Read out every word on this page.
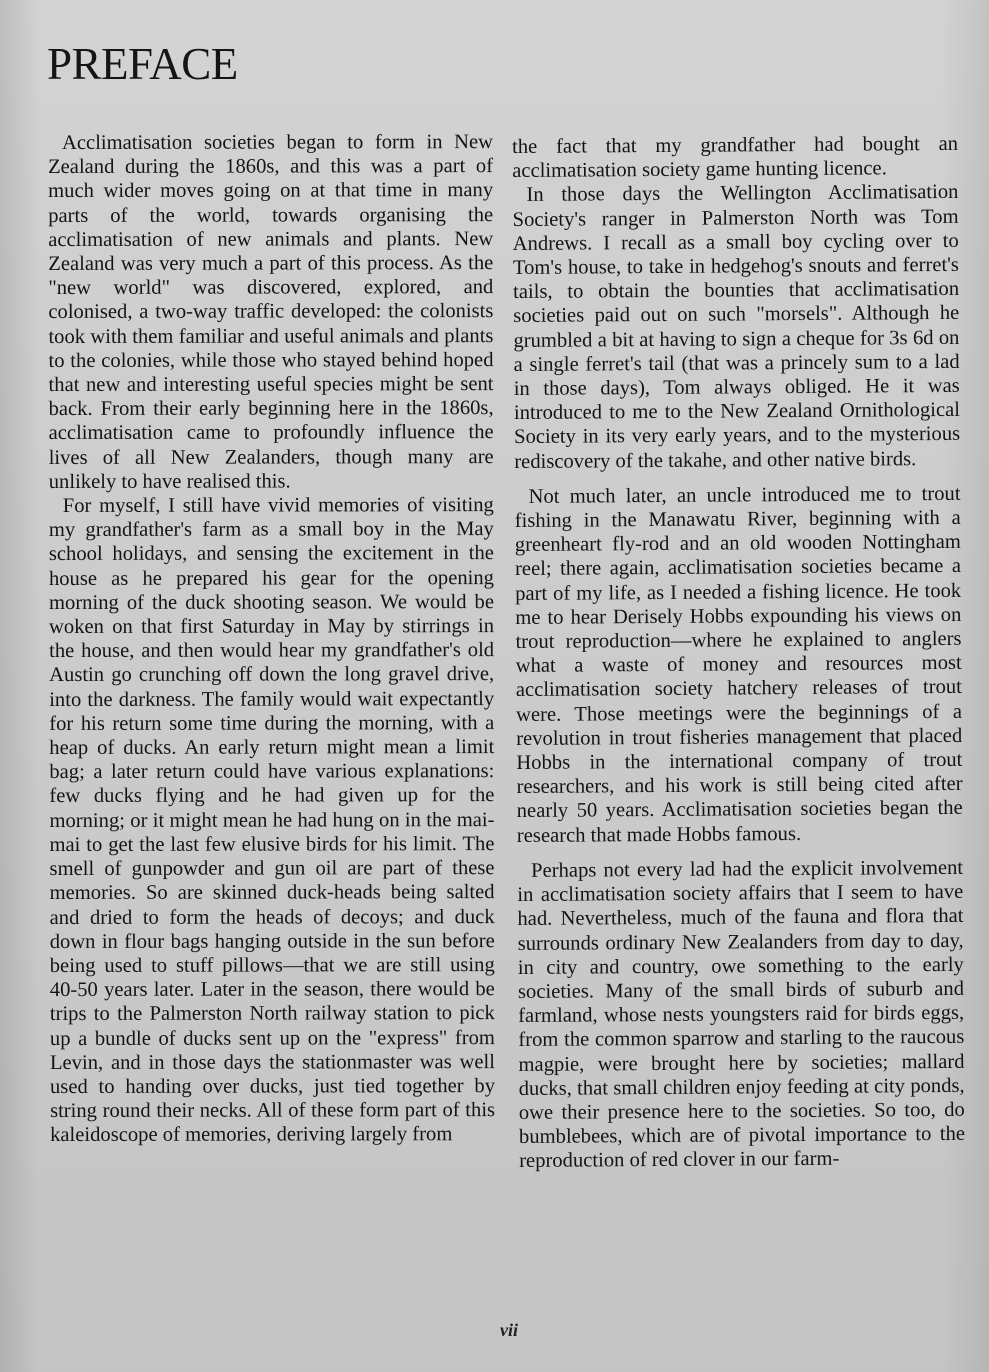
PREFACE

Acclimatisation societies began to form in New Zealand during the 1860s, and this was a part of much wider moves going on at that time in many parts of the world, towards organising the acclimatisation of new animals and plants. New Zealand was very much a part of this process. As the "new world" was discovered, explored, and colonised, a two-way traffic developed: the colonists took with them familiar and useful animals and plants to the colonies, while those who stayed behind hoped that new and interesting useful species might be sent back. From their early beginning here in the 1860s, acclimatisation came to profoundly influence the lives of all New Zealanders, though many are unlikely to have realised this.

For myself, I still have vivid memories of visiting my grandfather's farm as a small boy in the May school holidays, and sensing the excitement in the house as he prepared his gear for the opening morning of the duck shooting season. We would be woken on that first Saturday in May by stirrings in the house, and then would hear my grandfather's old Austin go crunching off down the long gravel drive, into the darkness. The family would wait expectantly for his return some time during the morning, with a heap of ducks. An early return might mean a limit bag; a later return could have various explanations: few ducks flying and he had given up for the morning; or it might mean he had hung on in the mai-mai to get the last few elusive birds for his limit. The smell of gunpowder and gun oil are part of these memories. So are skinned duck-heads being salted and dried to form the heads of decoys; and duck down in flour bags hanging outside in the sun before being used to stuff pillows—that we are still using 40-50 years later. Later in the season, there would be trips to the Palmerston North railway station to pick up a bundle of ducks sent up on the "express" from Levin, and in those days the stationmaster was well used to handing over ducks, just tied together by string round their necks. All of these form part of this kaleidoscope of memories, deriving largely from

the fact that my grandfather had bought an acclimatisation society game hunting licence.

In those days the Wellington Acclimatisation Society's ranger in Palmerston North was Tom Andrews. I recall as a small boy cycling over to Tom's house, to take in hedgehog's snouts and ferret's tails, to obtain the bounties that acclimatisation societies paid out on such "morsels". Although he grumbled a bit at having to sign a cheque for 3s 6d on a single ferret's tail (that was a princely sum to a lad in those days), Tom always obliged. He it was introduced to me to the New Zealand Ornithological Society in its very early years, and to the mysterious rediscovery of the takahe, and other native birds.

Not much later, an uncle introduced me to trout fishing in the Manawatu River, beginning with a greenheart fly-rod and an old wooden Nottingham reel; there again, acclimatisation societies became a part of my life, as I needed a fishing licence. He took me to hear Derisely Hobbs expounding his views on trout reproduction—where he explained to anglers what a waste of money and resources most acclimatisation society hatchery releases of trout were. Those meetings were the beginnings of a revolution in trout fisheries management that placed Hobbs in the international company of trout researchers, and his work is still being cited after nearly 50 years. Acclimatisation societies began the research that made Hobbs famous.

Perhaps not every lad had the explicit involvement in acclimatisation society affairs that I seem to have had. Nevertheless, much of the fauna and flora that surrounds ordinary New Zealanders from day to day, in city and country, owe something to the early societies. Many of the small birds of suburb and farmland, whose nests youngsters raid for birds eggs, from the common sparrow and starling to the raucous magpie, were brought here by societies; mallard ducks, that small children enjoy feeding at city ponds, owe their presence here to the societies. So too, do bumblebees, which are of pivotal importance to the reproduction of red clover in our farm-

vii
